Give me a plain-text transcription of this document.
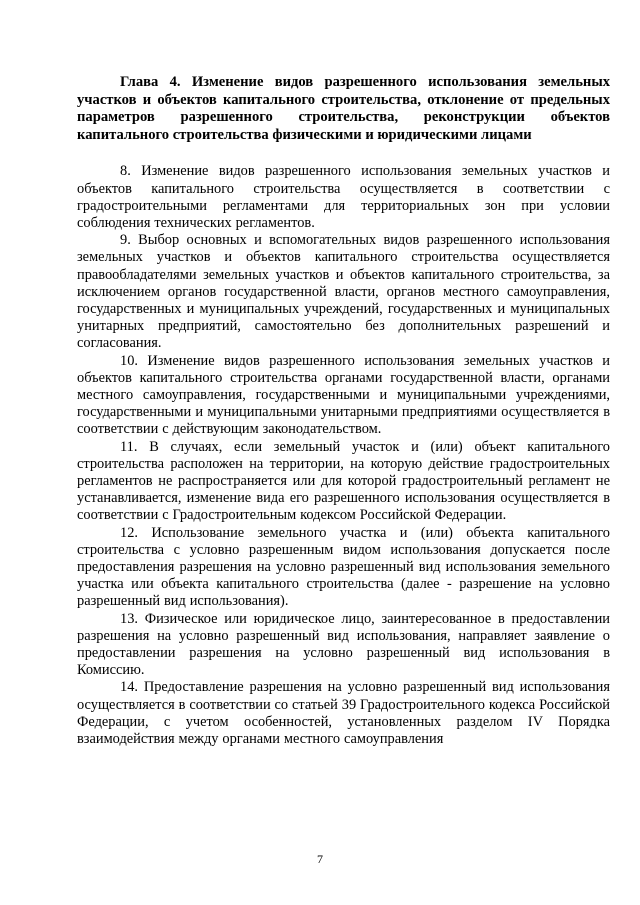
Глава 4. Изменение видов разрешенного использования земельных участков и объектов капитального строительства, отклонение от предельных параметров разрешенного строительства, реконструкции объектов капитального строительства физическими и юридическими лицами

8. Изменение видов разрешенного использования земельных участков и объектов капитального строительства осуществляется в соответствии с градостроительными регламентами для территориальных зон при условии соблюдения технических регламентов.

9. Выбор основных и вспомогательных видов разрешенного использования земельных участков и объектов капитального строительства осуществляется правообладателями земельных участков и объектов капитального строительства, за исключением органов государственной власти, органов местного самоуправления, государственных и муниципальных учреждений, государственных и муниципальных унитарных предприятий, самостоятельно без дополнительных разрешений и согласования.

10. Изменение видов разрешенного использования земельных участков и объектов капитального строительства органами государственной власти, органами местного самоуправления, государственными и муниципальными учреждениями, государственными и муниципальными унитарными предприятиями осуществляется в соответствии с действующим законодательством.

11. В случаях, если земельный участок и (или) объект капитального строительства расположен на территории, на которую действие градостроительных регламентов не распространяется или для которой градостроительный регламент не устанавливается, изменение вида его разрешенного использования осуществляется в соответствии с Градостроительным кодексом Российской Федерации.

12. Использование земельного участка и (или) объекта капитального строительства с условно разрешенным видом использования допускается после предоставления разрешения на условно разрешенный вид использования земельного участка или объекта капитального строительства (далее - разрешение на условно разрешенный вид использования).

13. Физическое или юридическое лицо, заинтересованное в предоставлении разрешения на условно разрешенный вид использования, направляет заявление о предоставлении разрешения на условно разрешенный вид использования в Комиссию.

14. Предоставление разрешения на условно разрешенный вид использования осуществляется в соответствии со статьей 39 Градостроительного кодекса Российской Федерации, с учетом особенностей, установленных разделом IV Порядка взаимодействия между органами местного самоуправления

7
